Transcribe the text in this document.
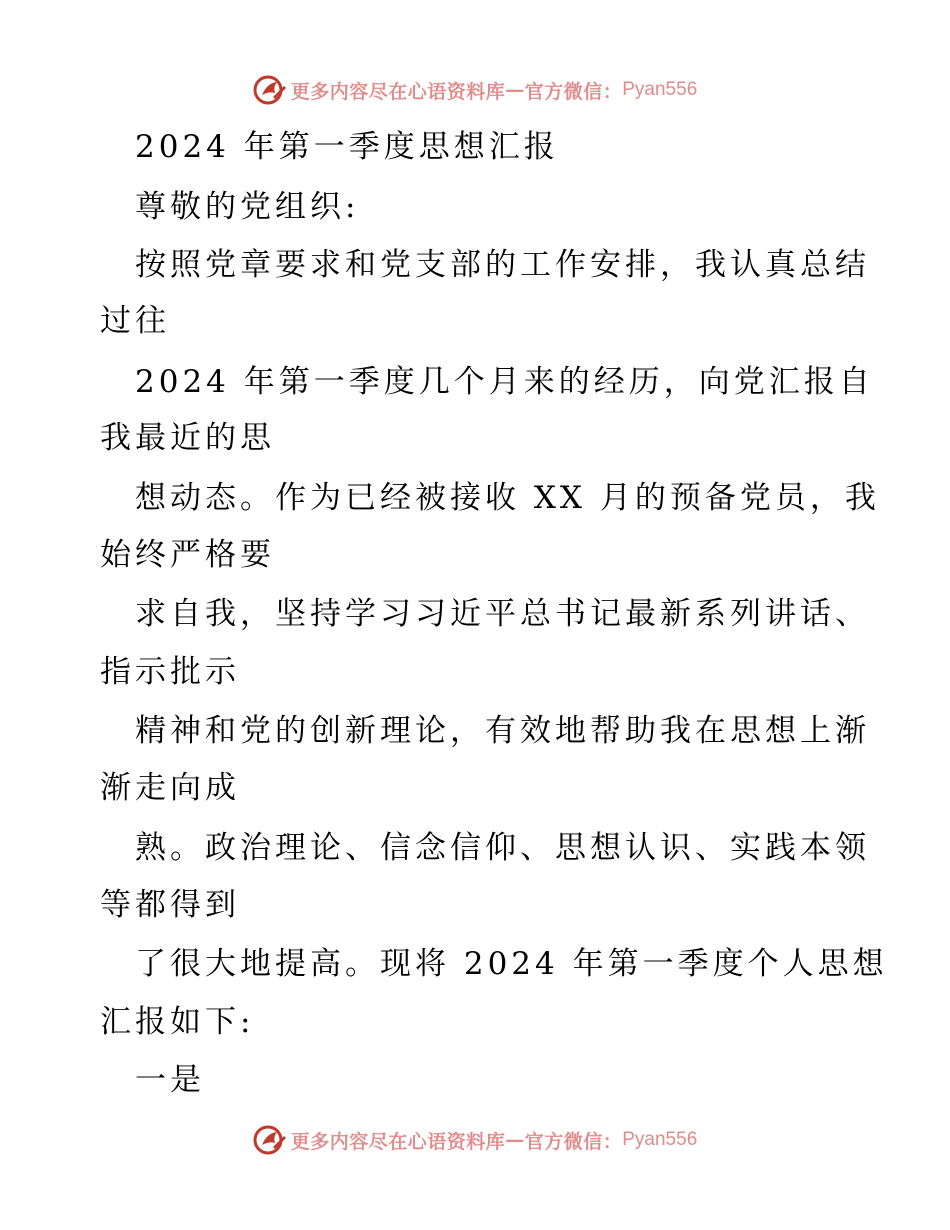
更多内容尽在心语资料库 — 官方微信： Pyan556
2024 年第一季度思想汇报
尊敬的党组织:
按照党章要求和党支部的工作安排，我认真总结
过往
2024 年第一季度几个月来的经历，向党汇报自
我最近的思
想动态。作为已经被接收 XX 月的预备党员，我
始终严格要
求自我，坚持学习习近平总书记最新系列讲话、
指示批示
精神和党的创新理论，有效地帮助我在思想上渐
渐走向成
熟。政治理论、信念信仰、思想认识、实践本领
等都得到
了很大地提高。现将 2024 年第一季度个人思想
汇报如下:
一是
更多内容尽在心语资料库 — 官方微信： Pyan556
